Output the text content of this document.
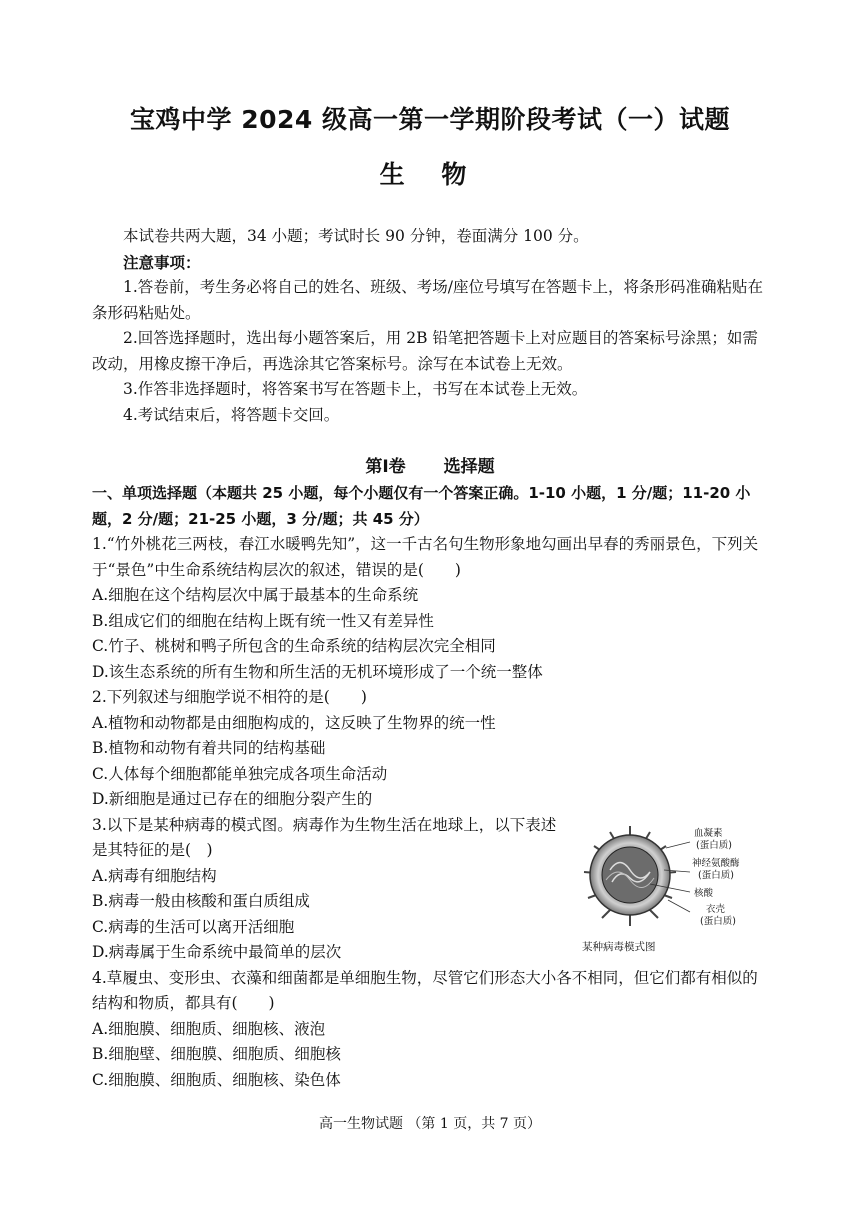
宝鸡中学 2024 级高一第一学期阶段考试（一）试题
生 物

本试卷共两大题，34 小题；考试时长 90 分钟，卷面满分 100 分。

注意事项：

1.答卷前，考生务必将自己的姓名、班级、考场/座位号填写在答题卡上，将条形码准确粘贴在条形码粘贴处。

2.回答选择题时，选出每小题答案后，用 2B 铅笔把答题卡上对应题目的答案标号涂黑；如需改动，用橡皮擦干净后，再选涂其它答案标号。涂写在本试卷上无效。

3.作答非选择题时，将答案书写在答题卡上，书写在本试卷上无效。

4.考试结束后，将答题卡交回。

第Ⅰ卷 选择题

一、单项选择题（本题共 25 小题，每个小题仅有一个答案正确。1-10 小题，1 分/题；11-20 小题，2 分/题；21-25 小题，3 分/题；共 45 分）

1.“竹外桃花三两枝，春江水暖鸭先知”，这一千古名句生物形象地勾画出早春的秀丽景色，下列关于“景色”中生命系统结构层次的叙述，错误的是(　　)

A.细胞在这个结构层次中属于最基本的生命系统

B.组成它们的细胞在结构上既有统一性又有差异性

C.竹子、桃树和鸭子所包含的生命系统的结构层次完全相同

D.该生态系统的所有生物和所生活的无机环境形成了一个统一整体

2.下列叙述与细胞学说不相符的是(　　)

A.植物和动物都是由细胞构成的，这反映了生物界的统一性

B.植物和动物有着共同的结构基础

C.人体每个细胞都能单独完成各项生命活动

D.新细胞是通过已存在的细胞分裂产生的

3.以下是某种病毒的模式图。病毒作为生物生活在地球上，以下表述是其特征的是(　)

A.病毒有细胞结构

B.病毒一般由核酸和蛋白质组成

C.病毒的生活可以离开活细胞

D.病毒属于生命系统中最简单的层次

4.草履虫、变形虫、衣藻和细菌都是单细胞生物，尽管它们形态大小各不相同，但它们都有相似的结构和物质，都具有(　　)

A.细胞膜、细胞质、细胞核、液泡

B.细胞壁、细胞膜、细胞质、细胞核

C.细胞膜、细胞质、细胞核、染色体

血凝素
(蛋白质)
神经氨酸酶
(蛋白质)
核酸
衣壳
(蛋白质)
某种病毒模式图
高一生物试题 （第 1 页，共 7 页）
